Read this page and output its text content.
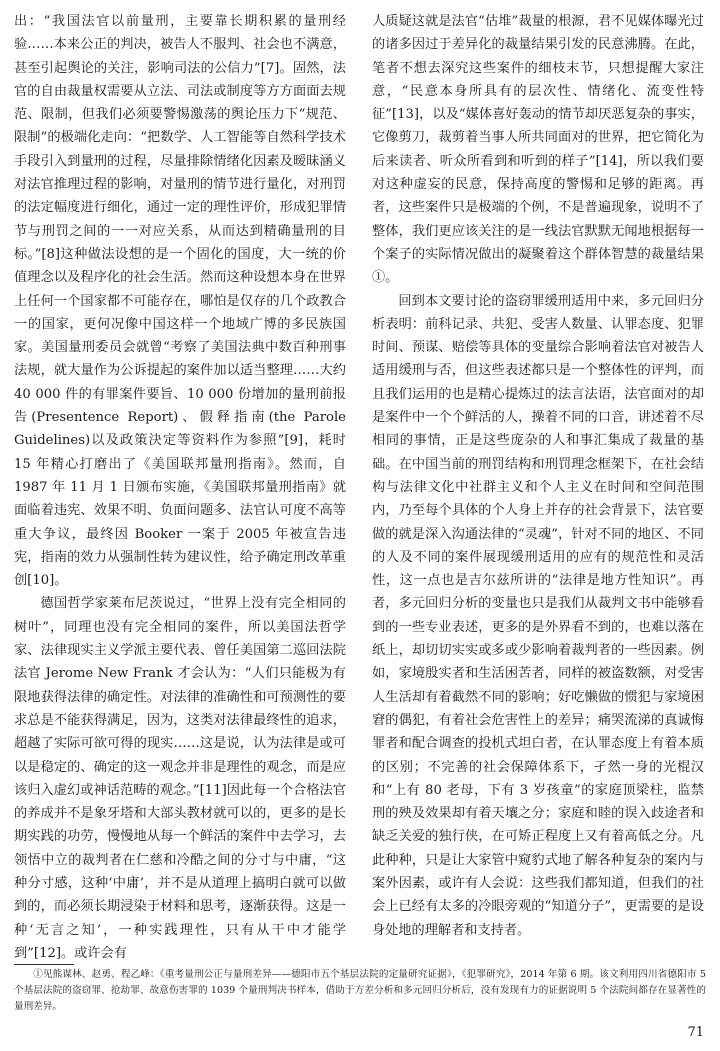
出：“我国法官以前量刑，主要靠长期积累的量刑经验……本来公正的判决，被告人不服判、社会也不满意，甚至引起舆论的关注，影响司法的公信力”[7]。固然，法官的自由裁量权需要从立法、司法或制度等方方面面去规范、限制，但我们必须要警惕激荡的舆论压力下“规范、限制”的极端化走向：“把数学、人工智能等自然科学技术手段引入到量刑的过程，尽量排除情绪化因素及暧昧涵义对法官推理过程的影响，对量刑的情节进行量化，对刑罚的法定幅度进行细化，通过一定的理性评价，形成犯罪情节与刑罚之间的一一对应关系，从而达到精确量刑的目标。”[8]这种做法设想的是一个固化的国度，大一统的价值理念以及程序化的社会生活。然而这种设想本身在世界上任何一个国家都不可能存在，哪怕是仅存的几个政教合一的国家，更何况像中国这样一个地域广博的多民族国家。美国量刑委员会就曾“考察了美国法典中数百种刑事法规，就大量作为公诉提起的案件加以适当整理……大约 40 000 件的有罪案件要旨、10 000 份增加的量刑前报告(Presentence Report)、假释指南(the Parole Guidelines)以及政策決定等资料作为参照”[9]，耗时 15 年精心打磨出了《美国联邦量刑指南》。然而，自 1987 年 11 月 1 日颁布实施，《美国联邦量刑指南》就面临着违宪、效果不明、负面问题多、法官认可度不高等重大争议，最终因 Booker 一案于 2005 年被宣告违宪，指南的效力从强制性转为建议性，给予确定刑改革重创[10]。

德国哲学家莱布尼茨说过，“世界上没有完全相同的树叶”，同理也没有完全相同的案件，所以美国法哲学家、法律现实主义学派主要代表、曾任美国第二巡回法院法官 Jerome New Frank 才会认为：“人们只能极为有限地获得法律的确定性。对法律的准确性和可预测性的要求总是不能获得满足，因为，这类对法律最终性的追求，超越了实际可欲可得的现实……这是说，认为法律是或可以是稳定的、确定的这一观念并非是理性的观念，而是应该归入虚幻或神话范畴的观念。”[11]因此每一个合格法官的养成并不是象牙塔和大部头教材就可以的，更多的是长期实践的功劳，慢慢地从每一个鲜活的案件中去学习，去领悟中立的裁判者在仁慈和冷酷之间的分寸与中庸，“这种分寸感，这种‘中庸’，并不是从道理上搞明白就可以做到的，而必须长期浸染于材料和思考，逐渐获得。这是一种‘无言之知’，一种实践理性，只有从干中才能学到”[12]。或许会有

人质疑这就是法官“估堆”裁量的根源，君不见媒体曝光过的诸多因过于差异化的裁量结果引发的民意沸腾。在此，笔者不想去深究这些案件的细枝末节，只想提醒大家注意，“民意本身所具有的层次性、情绪化、流变性特征”[13]，以及“媒体喜好轰动的情节却厌恶复杂的事实，它像剪刀，裁剪着当事人所共同面对的世界，把它简化为后来读者、听众所看到和听到的样子”[14]，所以我们要对这种虚妄的民意，保持高度的警惕和足够的距离。再者，这些案件只是极端的个例，不是普遍现象，说明不了整体，我们更应该关注的是一线法官默默无闻地根据每一个案子的实际情况做出的凝聚着这个群体智慧的裁量结果①。

回到本文要讨论的盗窃罪缓刑适用中来，多元回归分析表明：前科记录、共犯、受害人数量、认罪态度、犯罪时间、预谋、赔偿等具体的变量综合影响着法官对被告人适用缓刑与否，但这些表述都只是一个整体性的评判，而且我们运用的也是精心提炼过的法言法语，法官面对的却是案件中一个个鲜活的人，操着不同的口音，讲述着不尽相同的事情，正是这些庞杂的人和事汇集成了裁量的基础。在中国当前的刑罚结构和刑罚理念框架下，在社会结构与法律文化中社群主义和个人主义在时间和空间范围内，乃至每个具体的个人身上并存的社会背景下，法官要做的就是深入沟通法律的“灵魂”，针对不同的地区、不同的人及不同的案件展现缓刑适用的应有的规范性和灵活性，这一点也是吉尔兹所讲的“法律是地方性知识”。再者，多元回归分析的变量也只是我们从裁判文书中能够看到的一些专业表述，更多的是外界看不到的，也难以落在纸上，却切切实实或多或少影响着裁判者的一些因素。例如，家境殷实者和生活困苦者，同样的被盗数额，对受害人生活却有着截然不同的影响；好吃懒做的惯犯与家境困窘的偶犯，有着社会危害性上的差异；痛哭流涕的真诚悔罪者和配合调查的投机式坦白者，在认罪态度上有着本质的区别；不完善的社会保障体系下，孑然一身的光棍汉和“上有 80 老母，下有 3 岁孩童”的家庭顶梁柱，监禁刑的殃及效果却有着天壤之分；家庭和睦的误入歧途者和缺乏关爱的独行侠，在可矫正程度上又有着高低之分。凡此种种，只是让大家管中窥豹式地了解各种复杂的案内与案外因素，或许有人会说：这些我们都知道，但我们的社会上已经有太多的冷眼旁观的“知道分子”，更需要的是设身处地的理解者和支持者。

①见熊谋林、赵勇、程乙峰：《重考量刑公正与量刑差异——德阳市五个基层法院的定量研究证据》，《犯罪研究》，2014 年第 6 期。该文利用四川省德阳市 5 个基层法院的盗窃罪、抢劫罪、故意伤害罪的 1039 个量刑判决书样本，借助于方差分析和多元回归分析后，没有发现有力的证据说明 5 个法院间都存在显著性的量刑差异。

71
